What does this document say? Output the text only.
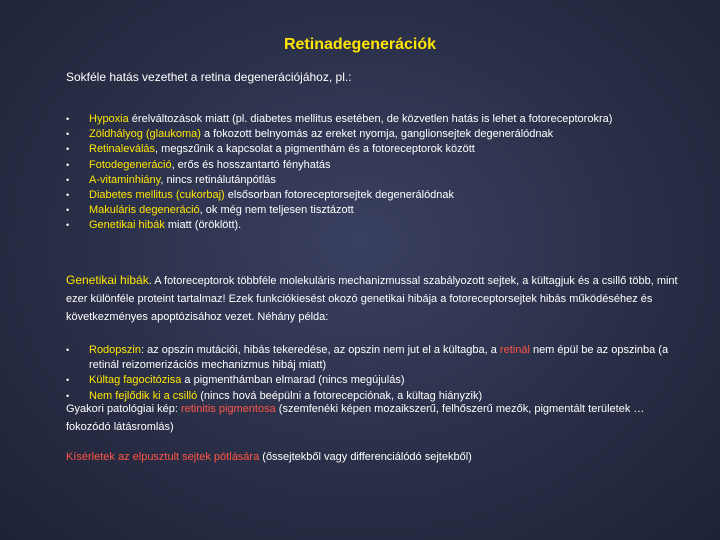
Retinadegenerációk
Sokféle hatás vezethet a retina degenerációjához, pl.:
• Hypoxia érelváltozások miatt (pl. diabetes mellitus esetében, de közvetlen hatás is lehet a fotoreceptorokra)
• Zöldhályog (glaukoma) a fokozott belnyomás az ereket nyomja, ganglionsejtek degenerálódnak
• Retinaleválás, megszűnik a kapcsolat a pigmenthám és a fotoreceptorok között
• Fotodegeneráció, erős és hosszantartó fényhatás
• A-vitaminhiány, nincs retinálutánpótlás
• Diabetes mellitus (cukorbaj) elsősorban fotoreceptorsejtek degenerálódnak
• Makuláris degeneráció, ok még nem teljesen tisztázott
• Genetikai hibák miatt (öröklött).
Genetikai hibák. A fotoreceptorok többféle molekuláris mechanizmussal szabályozott sejtek, a kültagjuk és a csillő több, mint ezer különféle proteint tartalmaz! Ezek funkciókiesést okozó genetikai hibája a fotoreceptorsejtek hibás működéséhez és következményes apoptózisához vezet. Néhány példa:
• Rodopszin: az opszin mutációi, hibás tekeredése, az opszin nem jut el a kültagba, a retinál nem épül be az opszinba (a retinál reizomerizációs mechanizmus hibáj miatt)
• Kültag fagocitózisa a pigmenthámban elmarad (nincs megújulás)
• Nem fejlődik ki a csilló (nincs hová beépülni a fotorecepciónak, a kültag hiányzik)
Gyakori patológiai kép: retinitis pigmentosa (szemfenéki képen mozaikszerű, felhőszerű mezők, pigmentált területek … fokozódó látásromlás)
Kísérletek az elpusztult sejtek pótlására (őssejtekből vagy differenciálódó sejtekből)
